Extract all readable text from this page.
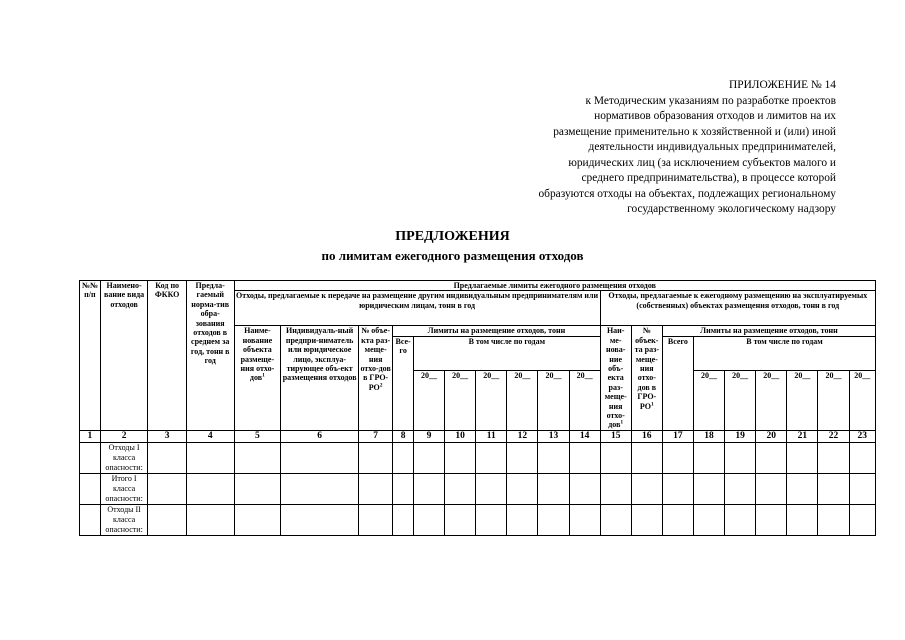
ПРИЛОЖЕНИЕ № 14
к Методическим указаниям по разработке проектов
нормативов образования отходов и лимитов на их
размещение применительно к хозяйственной и (или) иной
деятельности индивидуальных предпринимателей,
юридических лиц (за исключением субъектов малого и
среднего предпринимательства), в процессе которой
образуются отходы на объектах, подлежащих региональному
государственному экологическому надзору
ПРЕДЛОЖЕНИЯ
по лимитам ежегодного размещения отходов
№№ п/п	Наимено-вание вида отходов	Код по ФККО	Предла-гаемый норма-тив обра-зования отходов в среднем за год, тонн в год	Предлагаемые лимиты ежегодного размещения отходов																		
				Отходы, предлагаемые к передаче на размещение другим индивидуальным предпринимателям или юридическим лицам, тонн в год										Отходы, предлагаемые к ежегодному размещению на эксплуатируемых (собственных) объектах размещения отходов, тонн в год								

				Наиме-нование объекта размеще-ния отхо-дов$^1$	Индивидуаль-ный предпри-ниматель или юридическое лицо, эксплуа-тирующее объ-ект размещения отходов	№ объе-кта раз-меще-ния отхо-дов в ГРО-$РО^2$	Лимиты на размещение отходов, тонн							Наи-ме-нова-ние объ-екта раз-меще-ния отхо-дов$^1$	№ объек-та раз-меще-ния отхо-дов в ГРО-$РО^1$	Лимиты на размещение отходов, тонн						
							Все-го	В том числе по годам								Всего	В том числе по годам					
								20__	20__	20__	20__	20__	20__				20__	20__	20__	20__	20__	20__
1	2	3	4	5	6	7	8	9	10	11	12	13	14	15	16	17	18	19	20	21	22	23
	Отходы I класса опасности:																					
	Итого I класса опасности:																					
	Отходы II класса опасности:																					
